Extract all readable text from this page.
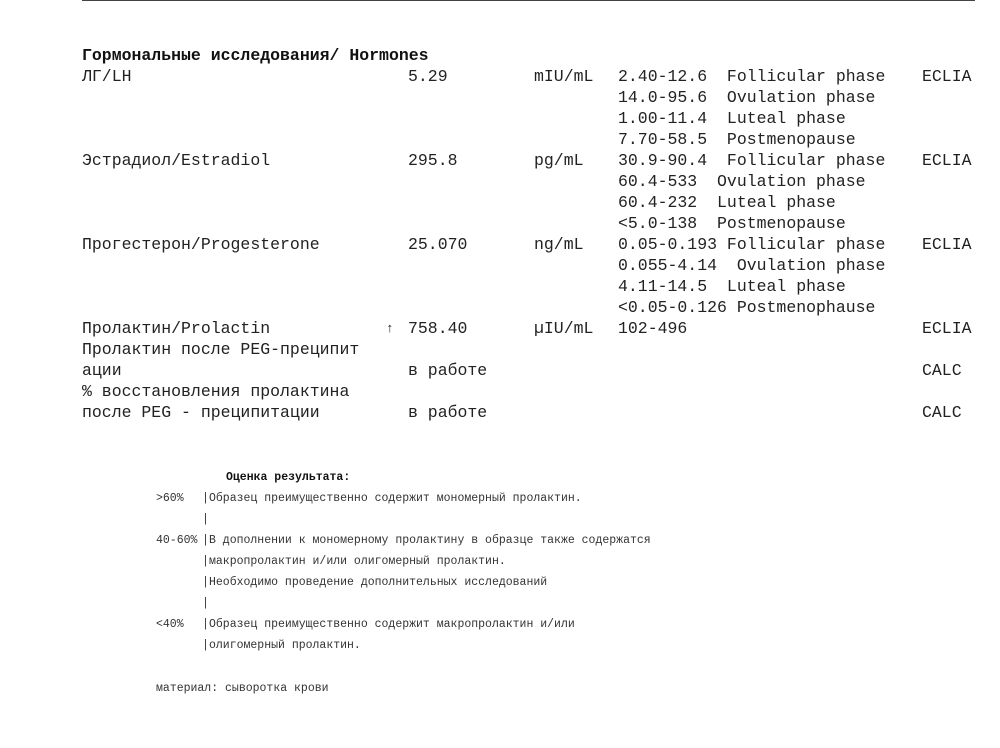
Гормональные исследования/ Hormones
ЛГ/LH	5.29	mIU/mL 2.40-12.6  Follicular phase
14.0-95.6  Ovulation phase
1.00-11.4  Luteal phase
7.70-58.5  Postmenopause
ECLIA
Эстрадиол/Estradiol	295.8	pg/mL 30.9-90.4  Follicular phase
60.4-533  Ovulation phase
60.4-232  Luteal phase
<5.0-138  Postmenopause
ECLIA
Прогестерон/Progesterone	25.070	ng/mL 0.05-0.193 Follicular phase
0.055-4.14  Ovulation phase
4.11-14.5  Luteal phase
<0.05-0.126 Postmenophause
ECLIA
Пролактин/Prolactin	↑ 758.40	µIU/mL 102-496	ECLIA
Пролактин после PEG-преципит
ации	в работе	CALC
% восстановления пролактина
после PEG - преципитации	в работе	CALC
Оценка результата:
>60% | Образец преимущественно содержит мономерный пролактин.
|
40-60% | В дополнении к мономерному пролактину в образце также содержатся
| макропролактин и/или олигомерный пролактин.
| Необходимо проведение дополнительных исследований
|
<40% | Образец преимущественно содержит макропролактин и/или
| олигомерный пролактин.
материал: сыворотка крови
